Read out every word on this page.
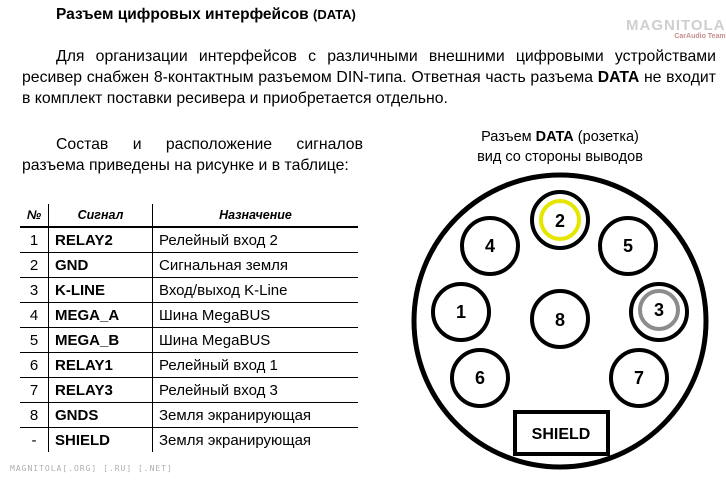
Разъем цифровых интерфейсов (DATA)
MAGNITOLA
CarAudio Team
Для организации интерфейсов с различными внешними цифровыми устройствами ресивер снабжен 8-контактным разъемом DIN-типа. Ответная часть разъема DATA не входит в комплект поставки ресивера и приобретается отдельно.
Состав и расположение сигналов разъема приведены на рисунке и в таблице:
Разъем DATA (розетка)
вид со стороны выводов
№	Сигнал	Назначение
1	RELAY2	Релейный вход 2
2	GND	Сигнальная земля
3	K-LINE	Вход/выход K-Line
4	MEGA_A	Шина MegaBUS
5	MEGA_B	Шина MegaBUS
6	RELAY1	Релейный вход 1
7	RELAY3	Релейный вход 3
8	GNDS	Земля экранирующая
-	SHIELD	Земля экранирующая
1
2
3
4	5
6	7
8
SHIELD
MAGNITOLA[.ORG] [.RU] [.NET]
